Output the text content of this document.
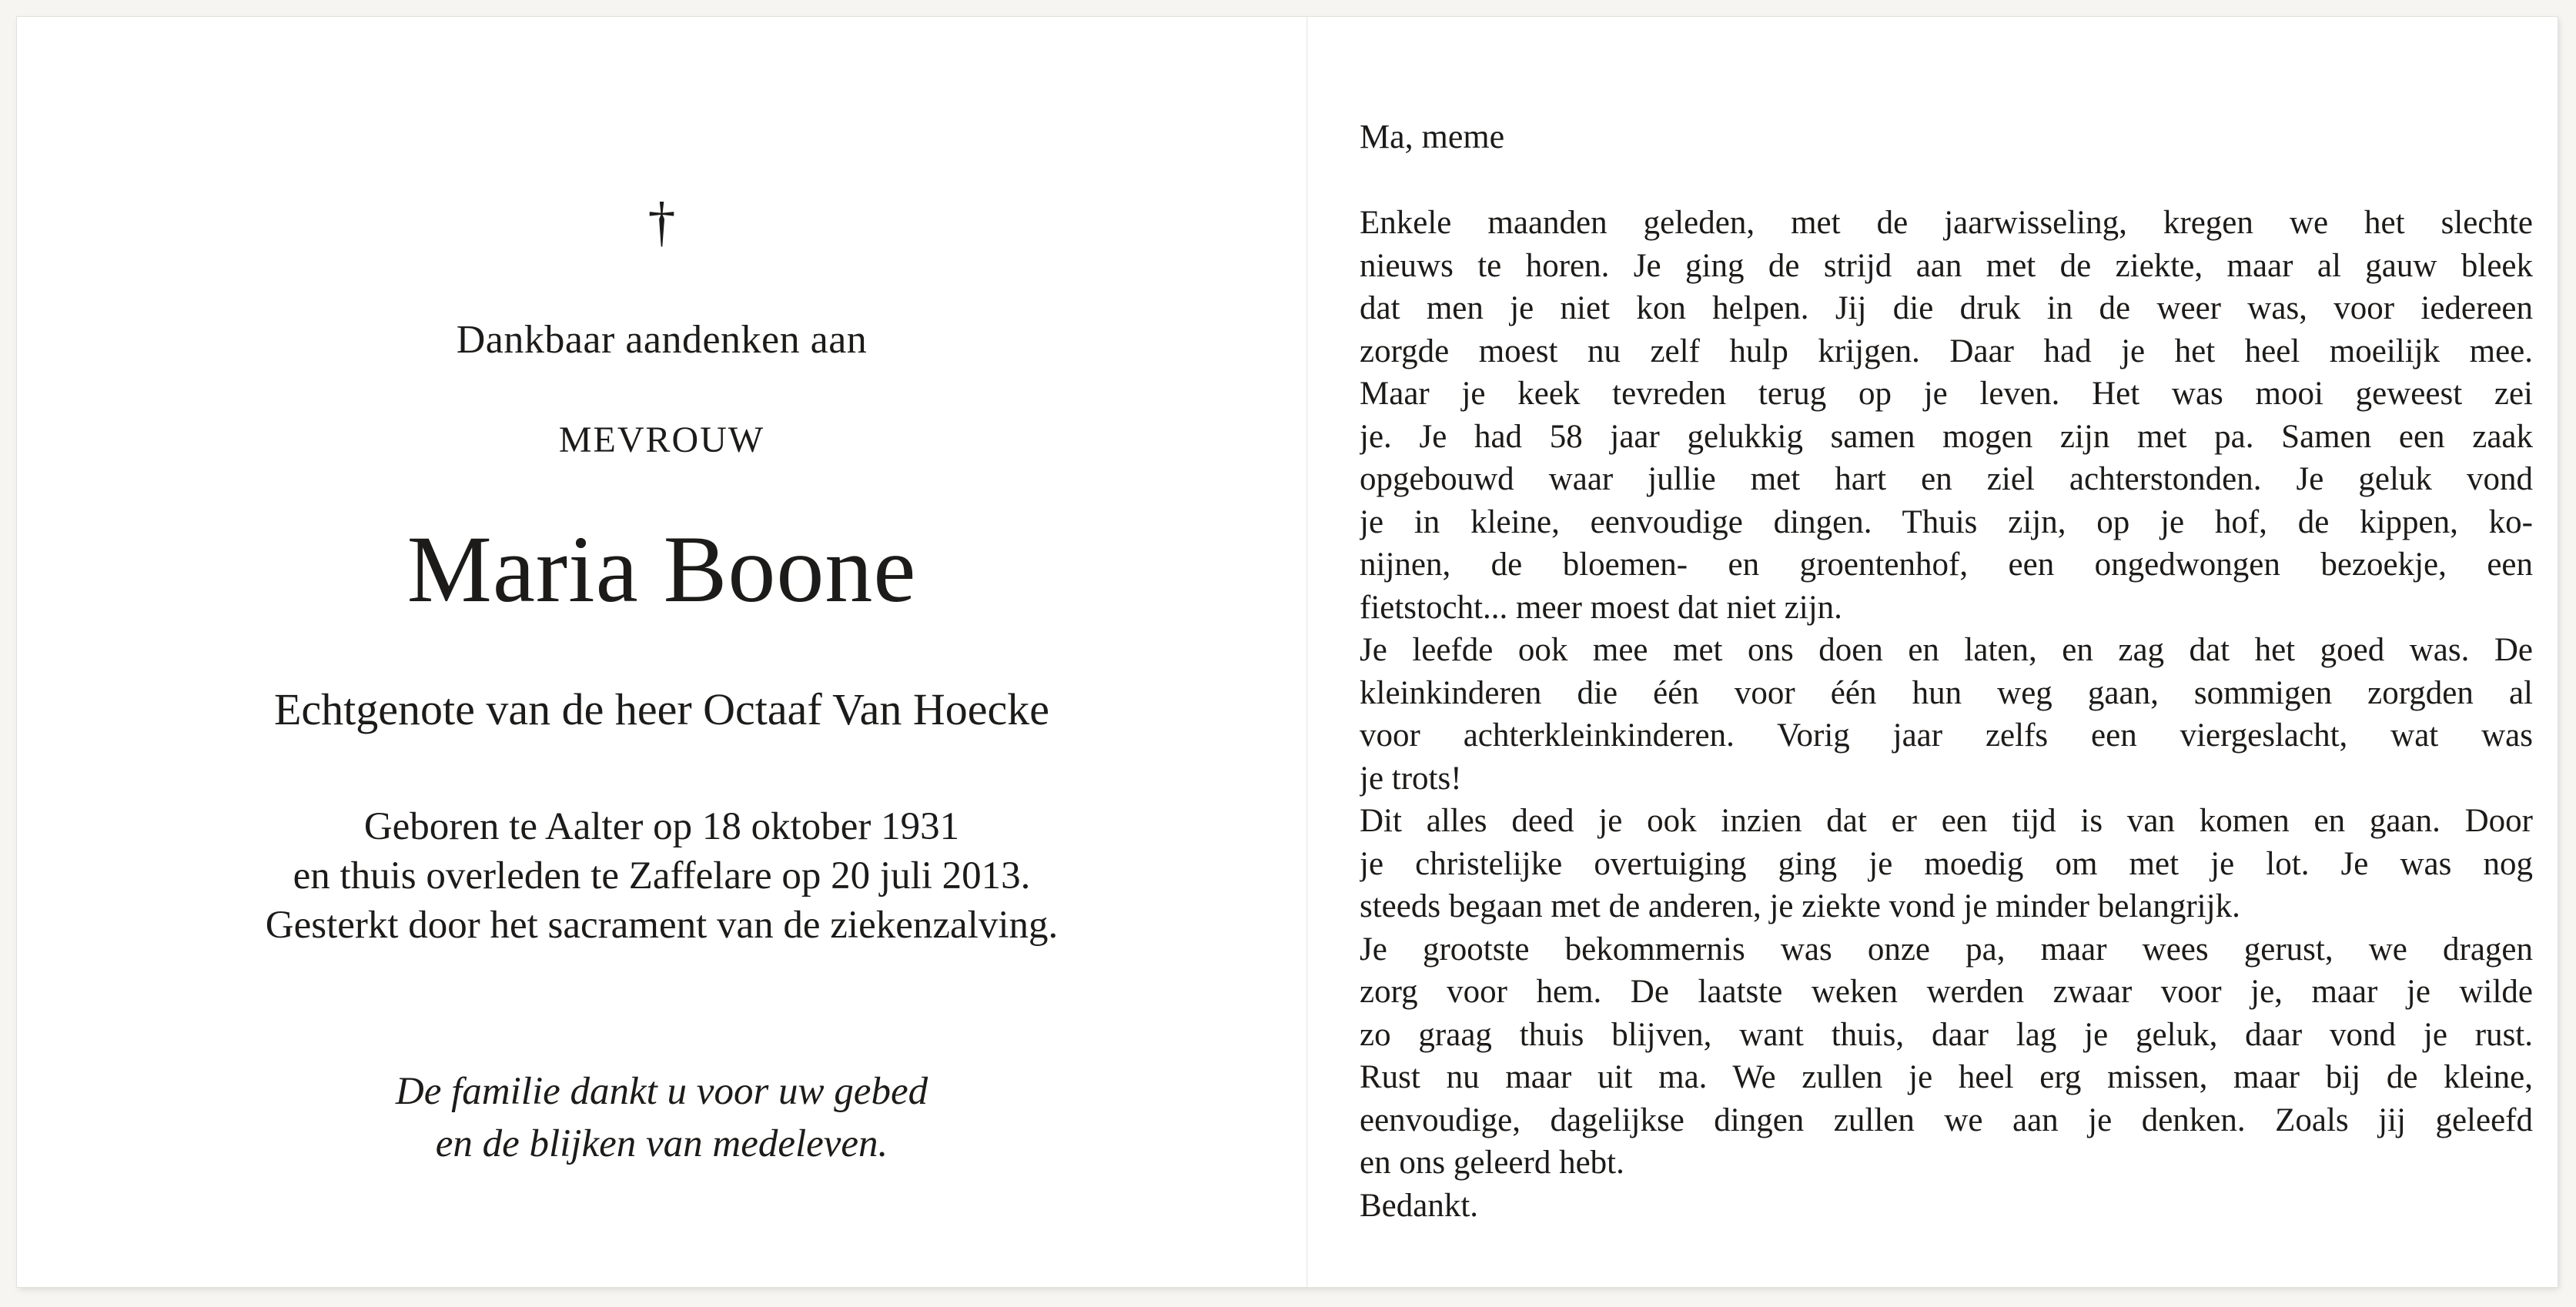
†
Dankbaar aandenken aan
MEVROUW
Maria Boone
Echtgenote van de heer Octaaf Van Hoecke
Geboren te Aalter op 18 oktober 1931
en thuis overleden te Zaffelare op 20 juli 2013.
Gesterkt door het sacrament van de ziekenzalving.
De familie dankt u voor uw gebed
en de blijken van medeleven.
Ma, meme
Enkele maanden geleden, met de jaarwisseling, kregen we het slechte
nieuws te horen. Je ging de strijd aan met de ziekte, maar al gauw bleek
dat men je niet kon helpen. Jij die druk in de weer was, voor iedereen
zorgde moest nu zelf hulp krijgen. Daar had je het heel moeilijk mee.
Maar je keek tevreden terug op je leven. Het was mooi geweest zei
je. Je had 58 jaar gelukkig samen mogen zijn met pa. Samen een zaak
opgebouwd waar jullie met hart en ziel achterstonden. Je geluk vond
je in kleine, eenvoudige dingen. Thuis zijn, op je hof, de kippen, ko-
nijnen, de bloemen- en groentenhof, een ongedwongen bezoekje, een
fietstocht... meer moest dat niet zijn.
Je leefde ook mee met ons doen en laten, en zag dat het goed was. De
kleinkinderen die één voor één hun weg gaan, sommigen zorgden al
voor achterkleinkinderen. Vorig jaar zelfs een viergeslacht, wat was
je trots!
Dit alles deed je ook inzien dat er een tijd is van komen en gaan. Door
je christelijke overtuiging ging je moedig om met je lot. Je was nog
steeds begaan met de anderen, je ziekte vond je minder belangrijk.
Je grootste bekommernis was onze pa, maar wees gerust, we dragen
zorg voor hem. De laatste weken werden zwaar voor je, maar je wilde
zo graag thuis blijven, want thuis, daar lag je geluk, daar vond je rust.
Rust nu maar uit ma. We zullen je heel erg missen, maar bij de kleine,
eenvoudige, dagelijkse dingen zullen we aan je denken. Zoals jij geleefd
en ons geleerd hebt.
Bedankt.
